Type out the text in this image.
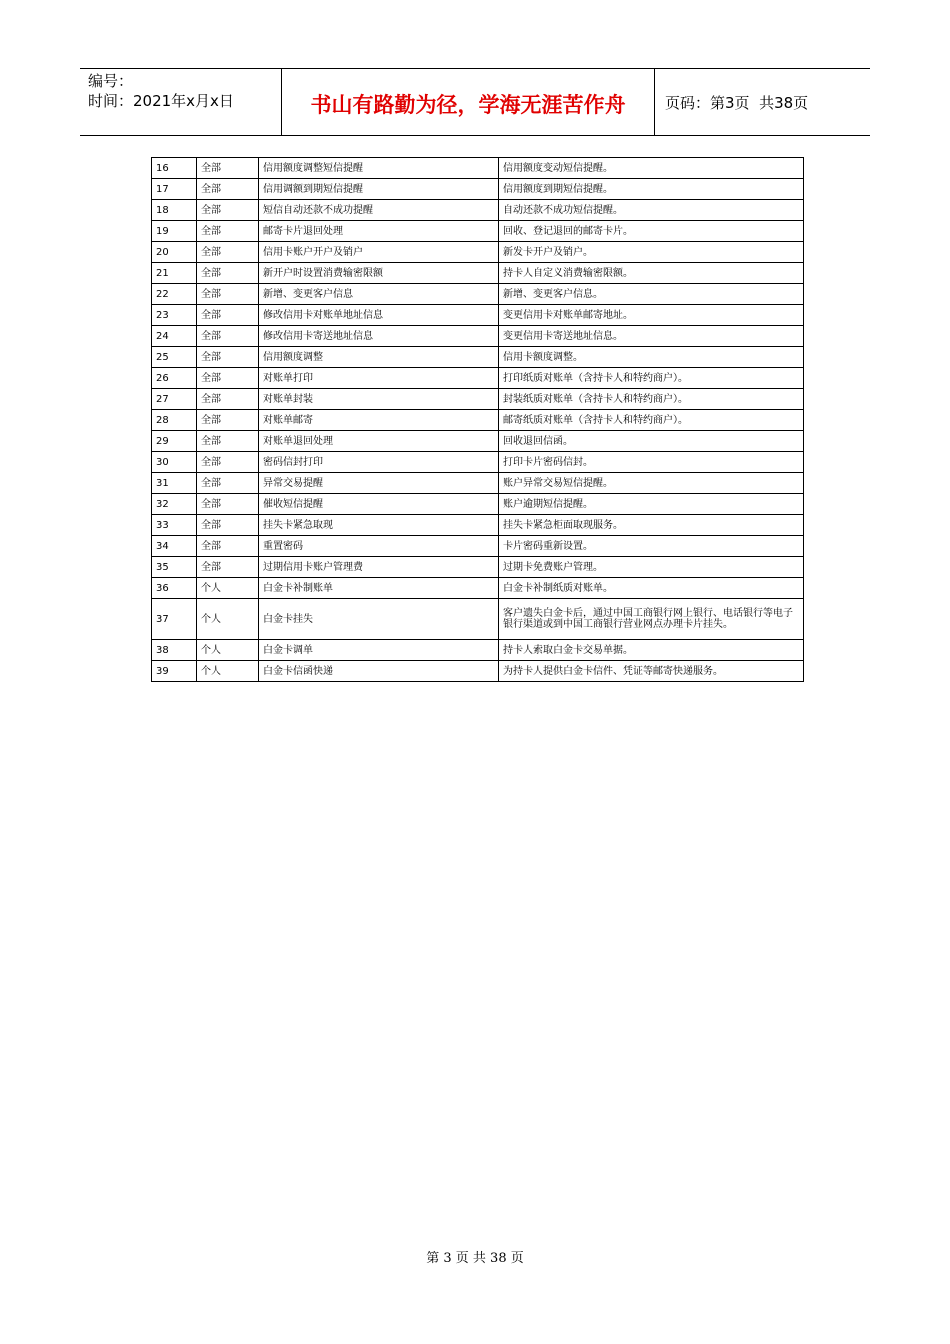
编号：
时间：2021年x月x日	书山有路勤为径，学海无涯苦作舟	页码：第3页  共38页
16	全部	信用额度调整短信提醒	信用额度变动短信提醒。
17	全部	信用调额到期短信提醒	信用额度到期短信提醒。
18	全部	短信自动还款不成功提醒	自动还款不成功短信提醒。
19	全部	邮寄卡片退回处理	回收、登记退回的邮寄卡片。
20	全部	信用卡账户开户及销户	新发卡开户及销户。
21	全部	新开户时设置消费输密限额	持卡人自定义消费输密限额。
22	全部	新增、变更客户信息	新增、变更客户信息。
23	全部	修改信用卡对账单地址信息	变更信用卡对账单邮寄地址。
24	全部	修改信用卡寄送地址信息	变更信用卡寄送地址信息。
25	全部	信用额度调整	信用卡额度调整。
26	全部	对账单打印	打印纸质对账单（含持卡人和特约商户）。
27	全部	对账单封装	封装纸质对账单（含持卡人和特约商户）。
28	全部	对账单邮寄	邮寄纸质对账单（含持卡人和特约商户）。
29	全部	对账单退回处理	回收退回信函。
30	全部	密码信封打印	打印卡片密码信封。
31	全部	异常交易提醒	账户异常交易短信提醒。
32	全部	催收短信提醒	账户逾期短信提醒。
33	全部	挂失卡紧急取现	挂失卡紧急柜面取现服务。
34	全部	重置密码	卡片密码重新设置。
35	全部	过期信用卡账户管理费	过期卡免费账户管理。
36	个人	白金卡补制账单	白金卡补制纸质对账单。
37	个人	白金卡挂失	客户遗失白金卡后，通过中国工商银行网上银行、电话银行等电子银行渠道或到中国工商银行营业网点办理卡片挂失。
38	个人	白金卡调单	持卡人索取白金卡交易单据。
39	个人	白金卡信函快递	为持卡人提供白金卡信件、凭证等邮寄快递服务。
第 3 页 共 38 页
